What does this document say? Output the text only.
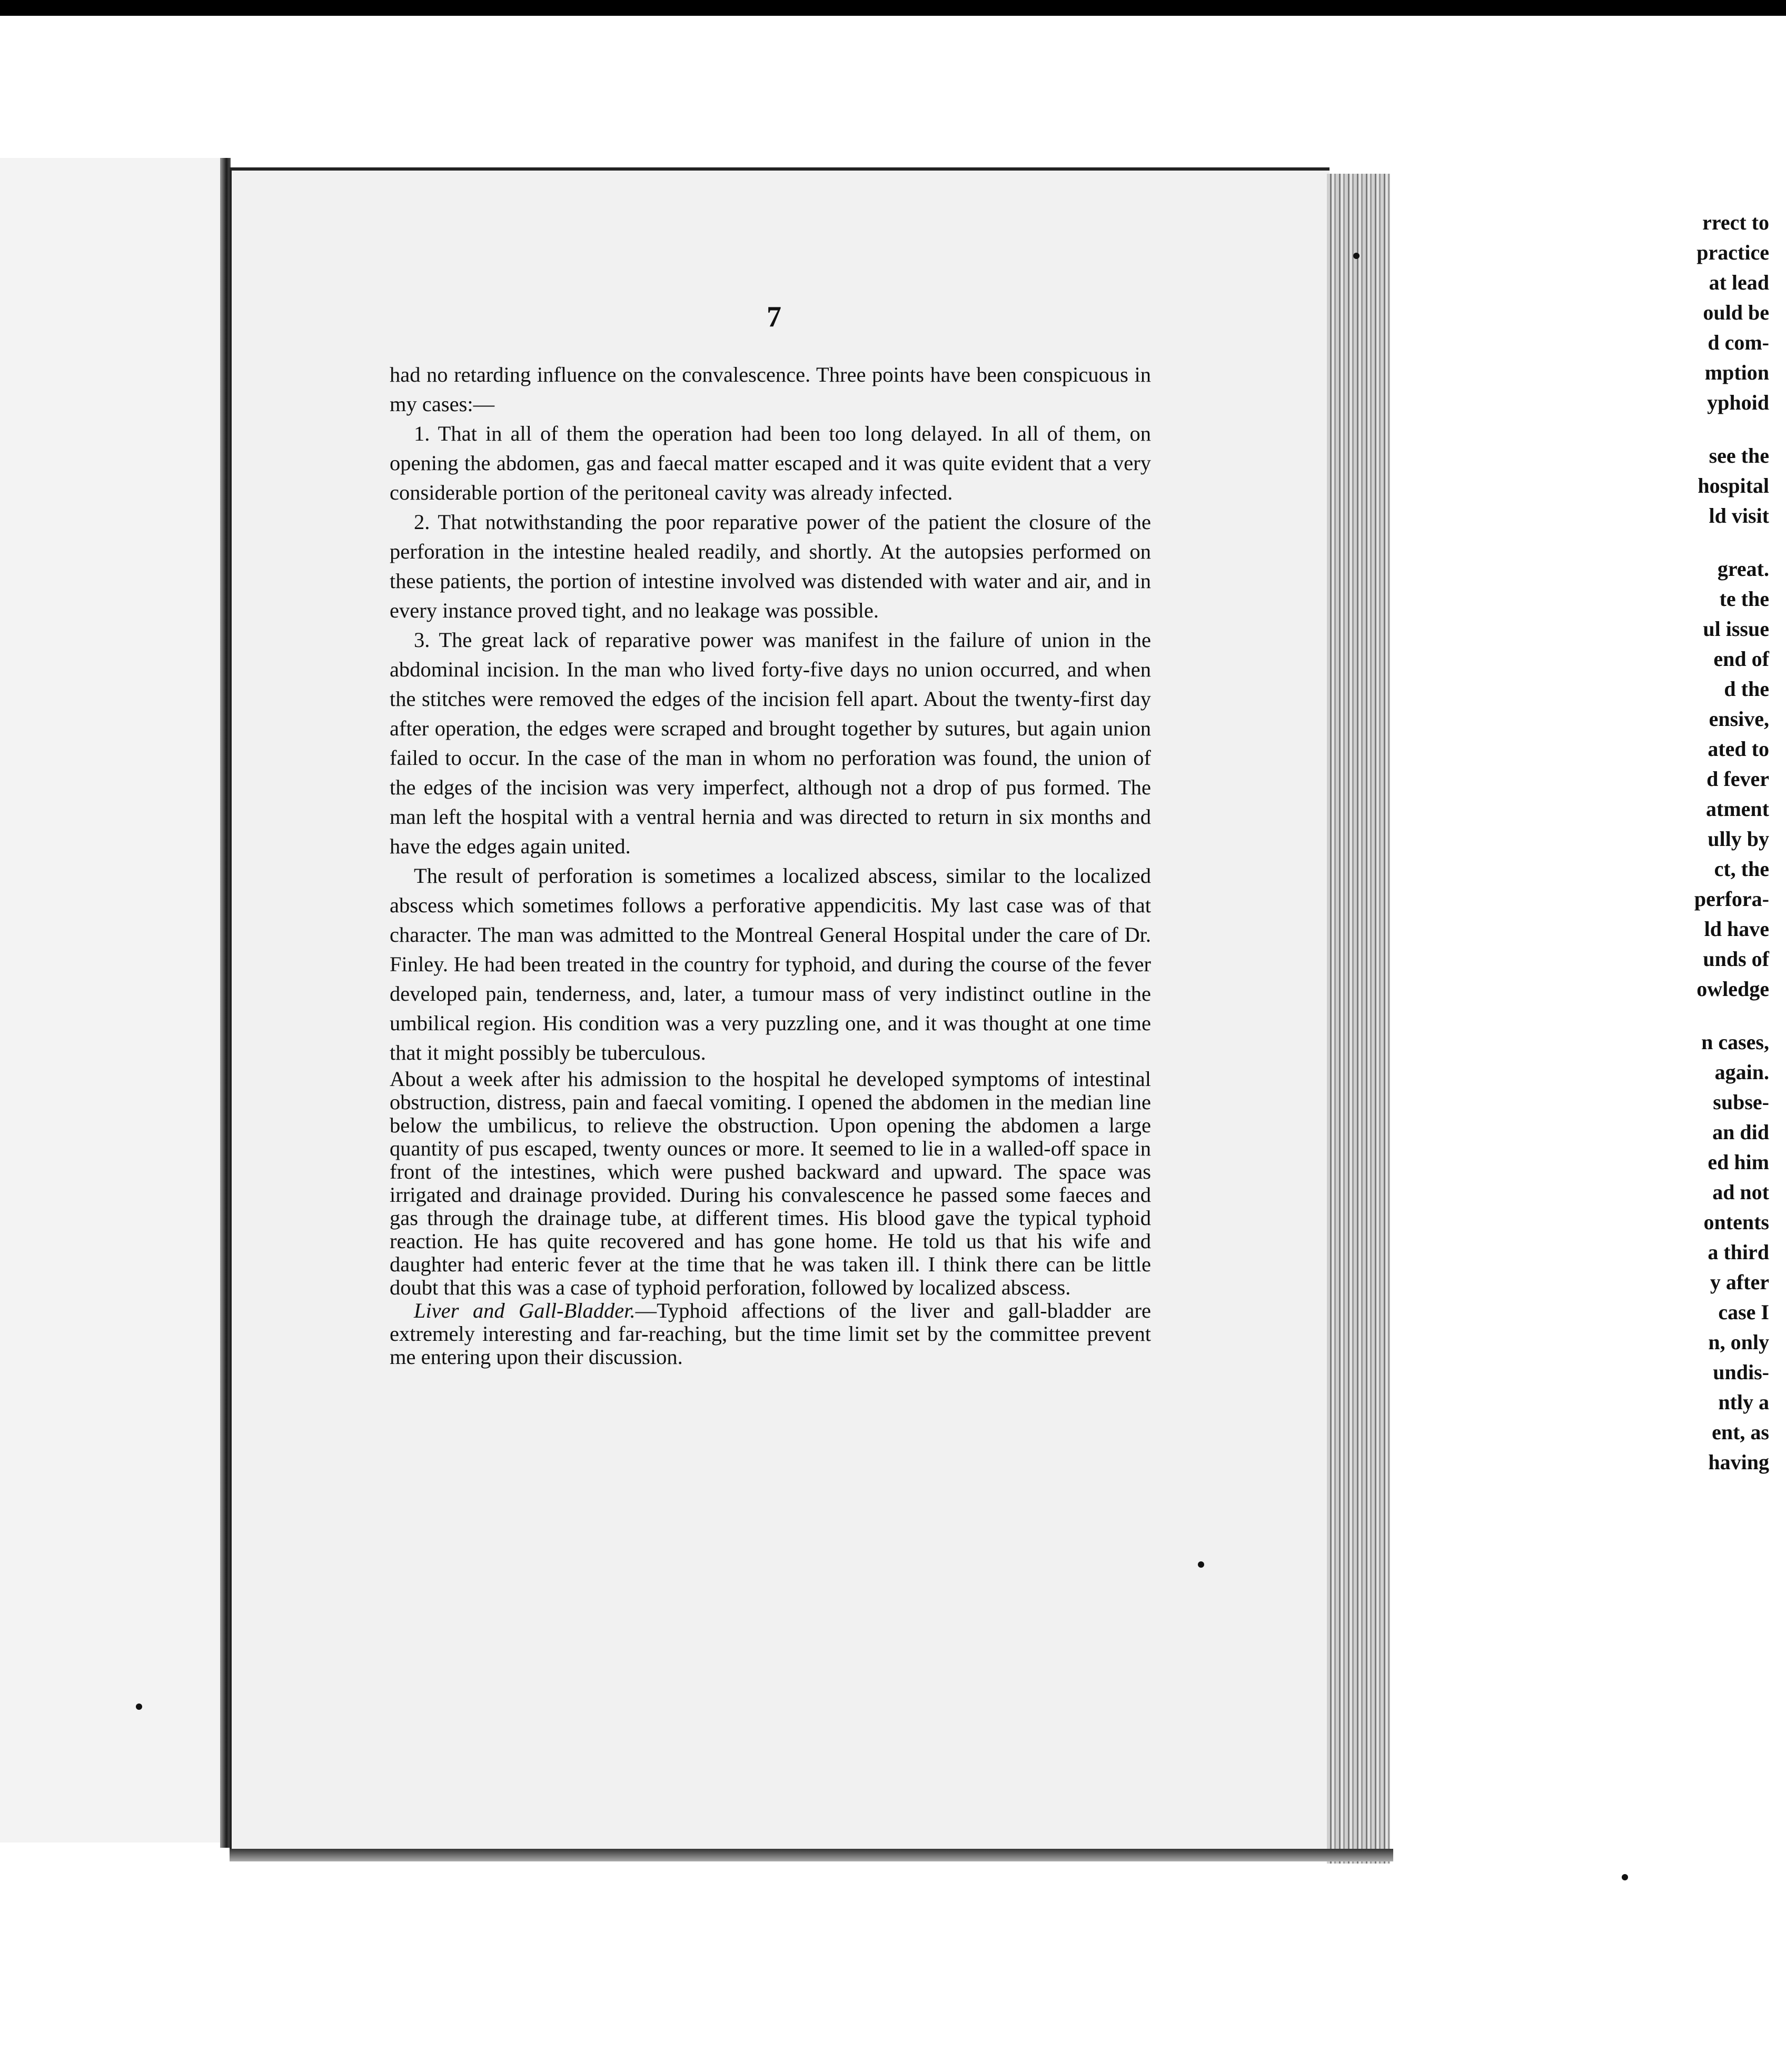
rrect to
practice
at lead
ould be
d com-
mption
yphoid
see the
hospital
ld visit
great.
te the
ul issue
end of
d the
ensive,
ated to
d fever
atment
ully by
ct, the
perfora-
ld have
unds of
owledge
n cases,
again.
subse-
an did
ed him
ad not
ontents
a third
y after
case I
n, only
undis-
ntly a
ent, as
having
7

had no retarding influence on the convalescence. Three points have been conspicuous in my cases:—

1. That in all of them the operation had been too long delayed. In all of them, on opening the abdomen, gas and faecal matter escaped and it was quite evident that a very considerable portion of the peritoneal cavity was already infected.

2. That notwithstanding the poor reparative power of the patient the closure of the perforation in the intestine healed readily, and shortly. At the autopsies performed on these patients, the portion of intestine involved was distended with water and air, and in every instance proved tight, and no leakage was possible.

3. The great lack of reparative power was manifest in the failure of union in the abdominal incision. In the man who lived forty-five days no union occurred, and when the stitches were removed the edges of the incision fell apart. About the twenty-first day after operation, the edges were scraped and brought together by sutures, but again union failed to occur. In the case of the man in whom no perforation was found, the union of the edges of the incision was very imperfect, although not a drop of pus formed. The man left the hospital with a ventral hernia and was directed to return in six months and have the edges again united.

The result of perforation is sometimes a localized abscess, similar to the localized abscess which sometimes follows a perforative appendicitis. My last case was of that character. The man was admitted to the Montreal General Hospital under the care of Dr. Finley. He had been treated in the country for typhoid, and during the course of the fever developed pain, tenderness, and, later, a tumour mass of very indistinct outline in the umbilical region. His condition was a very puzzling one, and it was thought at one time that it might possibly be tuberculous.

About a week after his admission to the hospital he developed symptoms of intestinal obstruction, distress, pain and faecal vomiting. I opened the abdomen in the median line below the umbilicus, to relieve the obstruction. Upon opening the abdomen a large quantity of pus escaped, twenty ounces or more. It seemed to lie in a walled-off space in front of the intestines, which were pushed backward and upward. The space was irrigated and drainage provided. During his convalescence he passed some faeces and gas through the drainage tube, at different times. His blood gave the typical typhoid reaction. He has quite recovered and has gone home. He told us that his wife and daughter had enteric fever at the time that he was taken ill. I think there can be little doubt that this was a case of typhoid perforation, followed by localized abscess.

Liver and Gall-Bladder.—Typhoid affections of the liver and gall-bladder are extremely interesting and far-reaching, but the time limit set by the committee prevent me entering upon their discussion.
